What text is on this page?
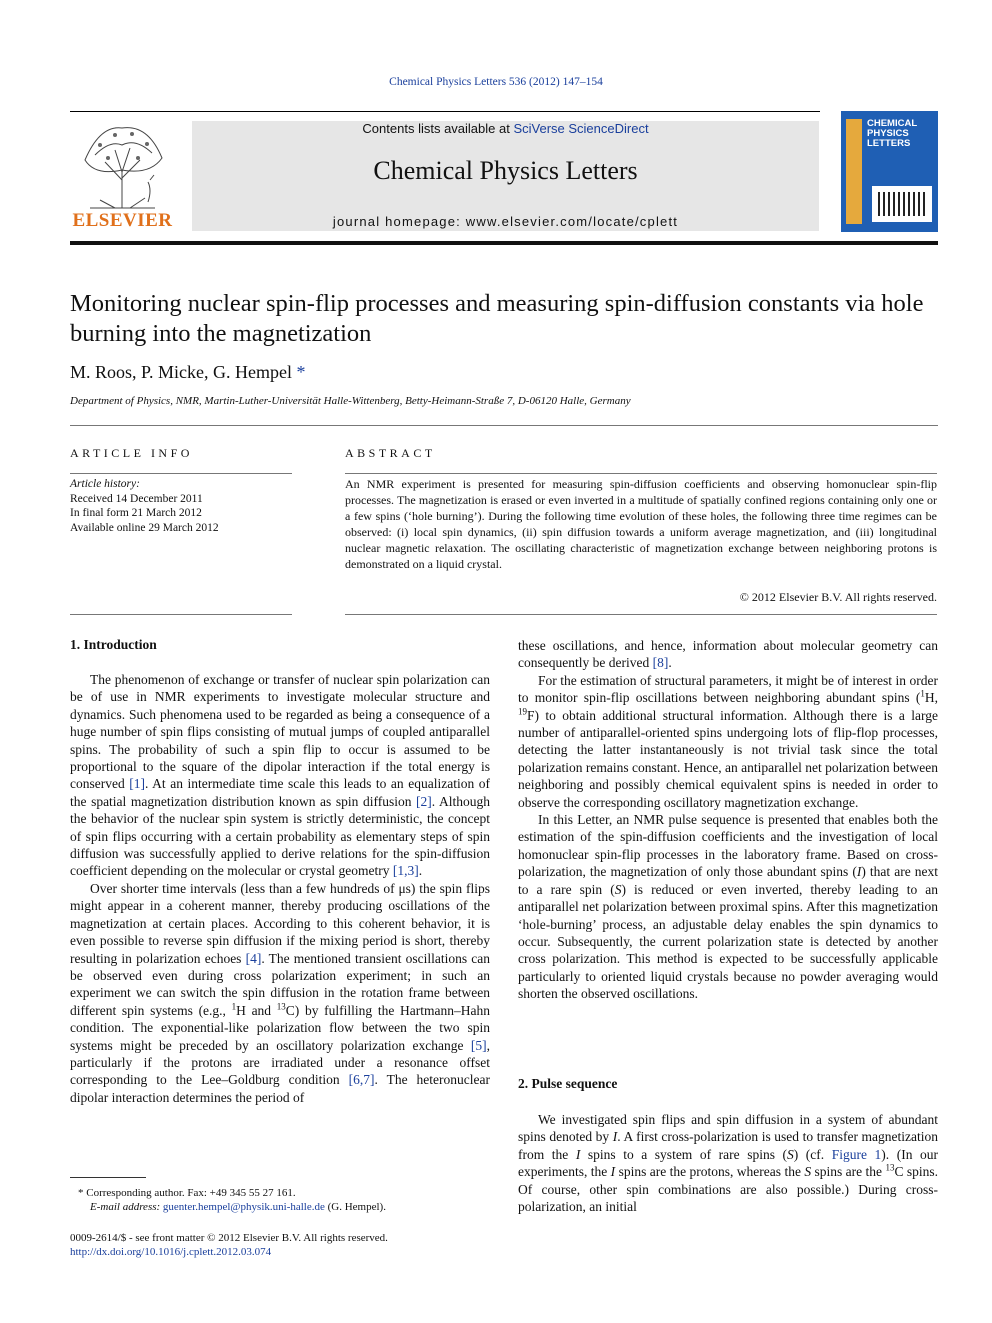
Chemical Physics Letters 536 (2012) 147–154
ELSEVIER
Contents lists available at SciVerse ScienceDirect
Chemical Physics Letters
journal homepage: www.elsevier.com/locate/cplett
CHEMICAL PHYSICS LETTERS
Monitoring nuclear spin-flip processes and measuring spin-diffusion constants via hole burning into the magnetization
M. Roos, P. Micke, G. Hempel *
Department of Physics, NMR, Martin-Luther-Universität Halle-Wittenberg, Betty-Heimann-Straße 7, D-06120 Halle, Germany
ARTICLE INFO
Article history:
Received 14 December 2011
In final form 21 March 2012
Available online 29 March 2012
ABSTRACT
An NMR experiment is presented for measuring spin-diffusion coefficients and observing homonuclear spin-flip processes. The magnetization is erased or even inverted in a multitude of spatially confined regions containing only one or a few spins (‘hole burning’). During the following time evolution of these holes, the following three time regimes can be observed: (i) local spin dynamics, (ii) spin diffusion towards a uniform average magnetization, and (iii) longitudinal nuclear magnetic relaxation. The oscillating characteristic of magnetization exchange between neighboring protons is demonstrated on a liquid crystal.
© 2012 Elsevier B.V. All rights reserved.
1. Introduction

The phenomenon of exchange or transfer of nuclear spin polarization can be of use in NMR experiments to investigate molecular structure and dynamics. Such phenomena used to be regarded as being a consequence of a huge number of spin flips consisting of mutual jumps of coupled antiparallel spins. The probability of such a spin flip to occur is assumed to be proportional to the square of the dipolar interaction if the total energy is conserved [1]. At an intermediate time scale this leads to an equalization of the spatial magnetization distribution known as spin diffusion [2]. Although the behavior of the nuclear spin system is strictly deterministic, the concept of spin flips occurring with a certain probability as elementary steps of spin diffusion was successfully applied to derive relations for the spin-diffusion coefficient depending on the molecular or crystal geometry [1,3].

Over shorter time intervals (less than a few hundreds of μs) the spin flips might appear in a coherent manner, thereby producing oscillations of the magnetization at certain places. According to this coherent behavior, it is even possible to reverse spin diffusion if the mixing period is short, thereby resulting in polarization echoes [4]. The mentioned transient oscillations can be observed even during cross polarization experiment; in such an experiment we can switch the spin diffusion in the rotation frame between different spin systems (e.g., $^1$H and $^{13}$C) by fulfilling the Hartmann–Hahn condition. The exponential-like polarization flow between the two spin systems might be preceded by an oscillatory polarization exchange [5], particularly if the protons are irradiated under a resonance offset corresponding to the Lee–Goldburg condition [6,7]. The heteronuclear dipolar interaction determines the period of

* Corresponding author. Fax: +49 345 55 27 161.
E-mail address: guenter.hempel@physik.uni-halle.de (G. Hempel).
0009-2614/$ - see front matter © 2012 Elsevier B.V. All rights reserved.
http://dx.doi.org/10.1016/j.cplett.2012.03.074

these oscillations, and hence, information about molecular geometry can consequently be derived [8].

For the estimation of structural parameters, it might be of interest in order to monitor spin-flip oscillations between neighboring abundant spins ($^1$H, $^{19}$F) to obtain additional structural information. Although there is a large number of antiparallel-oriented spins undergoing lots of flip-flop processes, detecting the latter instantaneously is not trivial task since the total polarization remains constant. Hence, an antiparallel net polarization between neighboring and possibly chemical equivalent spins is needed in order to observe the corresponding oscillatory magnetization exchange.

In this Letter, an NMR pulse sequence is presented that enables both the estimation of the spin-diffusion coefficients and the investigation of local homonuclear spin-flip processes in the laboratory frame. Based on cross-polarization, the magnetization of only those abundant spins (I) that are next to a rare spin (S) is reduced or even inverted, thereby leading to an antiparallel net polarization between proximal spins. After this magnetization ‘hole-burning’ process, an adjustable delay enables the spin dynamics to occur. Subsequently, the current polarization state is detected by another cross polarization. This method is expected to be successfully applicable particularly to oriented liquid crystals because no powder averaging would shorten the observed oscillations.

2. Pulse sequence

We investigated spin flips and spin diffusion in a system of abundant spins denoted by I. A first cross-polarization is used to transfer magnetization from the I spins to a system of rare spins (S) (cf. Figure 1). (In our experiments, the I spins are the protons, whereas the S spins are the $^{13}$C spins. Of course, other spin combinations are also possible.) During cross-polarization, an initial
